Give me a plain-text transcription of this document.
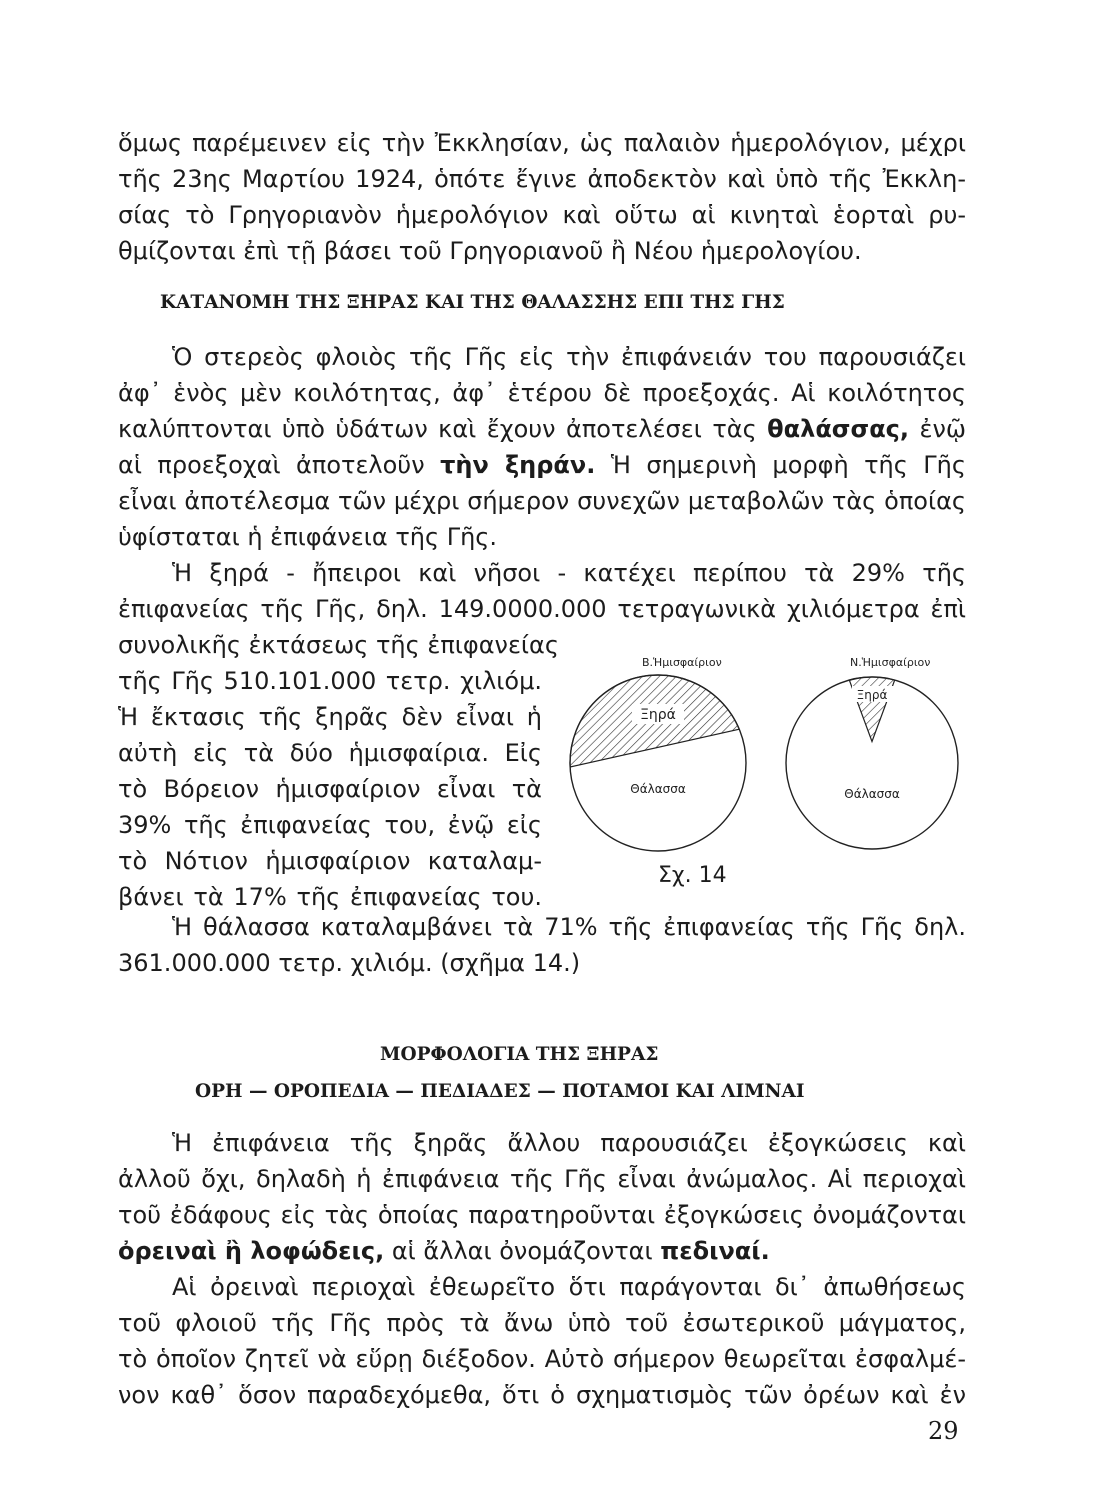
ὅμως παρέμεινεν εἰς τὴν Ἐκκλησίαν, ὡς παλαιὸν ἡμερολόγιον, μέχρι
τῆς 23ης Μαρτίου 1924, ὁπότε ἔγινε ἀποδεκτὸν καὶ ὑπὸ τῆς Ἐκκλη-
σίας τὸ Γρηγοριανὸν ἡμερολόγιον καὶ οὕτω αἱ κινηταὶ ἑορταὶ ρυ-
θμίζονται ἐπὶ τῇ βάσει τοῦ Γρηγοριανοῦ ἢ Νέου ἡμερολογίου.
ΚΑΤΑΝΟΜΗ ΤΗΣ ΞΗΡΑΣ ΚΑΙ ΤΗΣ ΘΑΛΑΣΣΗΣ ΕΠΙ ΤΗΣ ΓΗΣ
Ὁ στερεὸς φλοιὸς τῆς Γῆς εἰς τὴν ἐπιφάνειάν του παρουσιάζει
ἀφ᾽ ἑνὸς μὲν κοιλότητας, ἀφ᾽ ἑτέρου δὲ προεξοχάς. Αἱ κοιλότητος
καλύπτονται ὑπὸ ὑδάτων καὶ ἔχουν ἀποτελέσει τὰς θαλάσσας, ἐνῷ
αἱ προεξοχαὶ ἀποτελοῦν τὴν ξηράν. Ἡ σημερινὴ μορφὴ τῆς Γῆς
εἶναι ἀποτέλεσμα τῶν μέχρι σήμερον συνεχῶν μεταβολῶν τὰς ὁποίας
ὑφίσταται ἡ ἐπιφάνεια τῆς Γῆς.
Ἡ ξηρά - ἤπειροι καὶ νῆσοι - κατέχει περίπου τὰ 29% τῆς
ἐπιφανείας τῆς Γῆς, δηλ. 149.0000.000 τετραγωνικὰ χιλιόμετρα ἐπὶ
συνολικῆς ἐκτάσεως τῆς ἐπιφανείας
τῆς Γῆς 510.101.000 τετρ. χιλιόμ.
Ἡ ἔκτασις τῆς ξηρᾶς δὲν εἶναι ἡ
αὐτὴ εἰς τὰ δύο ἡμισφαίρια. Εἰς
τὸ Βόρειον ἡμισφαίριον εἶναι τὰ
39% τῆς ἐπιφανείας του, ἐνῷ εἰς
τὸ Νότιον ἡμισφαίριον καταλαμ-
βάνει τὰ 17% τῆς ἐπιφανείας του.
Β.Ἡμισφαίριον
Ξηρά
Θάλασσα
Ν.Ἡμισφαίριον
Ξηρά
Θάλασσα
Σχ. 14
Ἡ θάλασσα καταλαμβάνει τὰ 71% τῆς ἐπιφανείας τῆς Γῆς δηλ.
361.000.000 τετρ. χιλιόμ. (σχῆμα 14.)
ΜΟΡΦΟΛΟΓΙΑ ΤΗΣ ΞΗΡΑΣ
ΟΡΗ — ΟΡΟΠΕΔΙΑ — ΠΕΔΙΑΔΕΣ — ΠΟΤΑΜΟΙ ΚΑΙ ΛΙΜΝΑΙ
Ἡ ἐπιφάνεια τῆς ξηρᾶς ἄλλου παρουσιάζει ἐξογκώσεις καὶ
ἀλλοῦ ὄχι, δηλαδὴ ἡ ἐπιφάνεια τῆς Γῆς εἶναι ἀνώμαλος. Αἱ περιοχαὶ
τοῦ ἐδάφους εἰς τὰς ὁποίας παρατηροῦνται ἐξογκώσεις ὀνομάζονται
ὀρειναὶ ἢ λοφώδεις, αἱ ἄλλαι ὀνομάζονται πεδιναί.
Αἱ ὀρειναὶ περιοχαὶ ἐθεωρεῖτο ὅτι παράγονται δι᾽ ἀπωθήσεως
τοῦ φλοιοῦ τῆς Γῆς πρὸς τὰ ἄνω ὑπὸ τοῦ ἐσωτερικοῦ μάγματος,
τὸ ὁποῖον ζητεῖ νὰ εὕρῃ διέξοδον. Αὐτὸ σήμερον θεωρεῖται ἐσφαλμέ-
νον καθ᾽ ὅσον παραδεχόμεθα, ὅτι ὁ σχηματισμὸς τῶν ὀρέων καὶ ἐν
29
